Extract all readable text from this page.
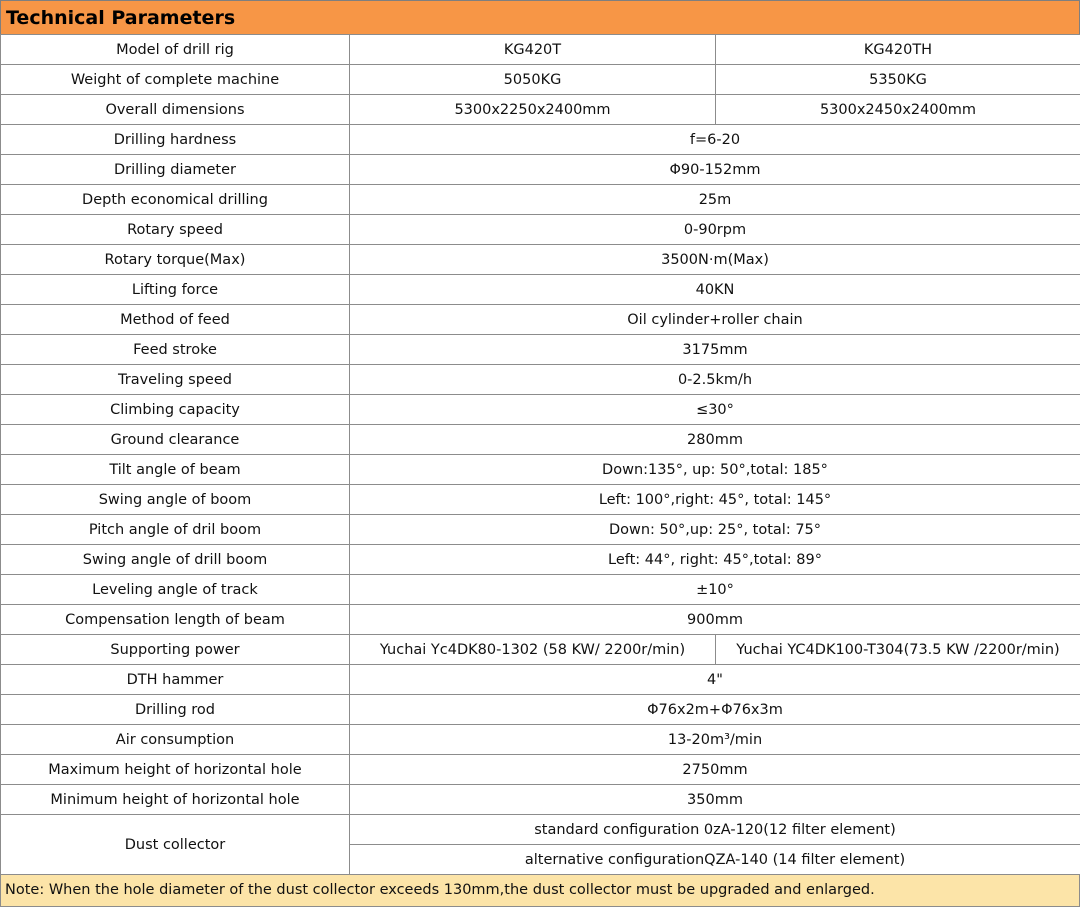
Technical Parameters
Model of drill rig	KG420T	KG420TH
Weight of complete machine	5050KG	5350KG
Overall dimensions	5300x2250x2400mm	5300x2450x2400mm
Drilling hardness	f=6-20	
Drilling diameter	Φ90-152mm	
Depth economical drilling	25m	
Rotary speed	0-90rpm	
Rotary torque(Max)	3500N·m(Max)	
Lifting force	40KN	
Method of feed	Oil cylinder+roller chain	
Feed stroke	3175mm	
Traveling speed	0-2.5km/h	
Climbing capacity	≤30°	
Ground clearance	280mm	
Tilt angle of beam	Down:135°, up: 50°,total: 185°	
Swing angle of boom	Left: 100°,right: 45°, total: 145°	
Pitch angle of dril boom	Down: 50°,up: 25°, total: 75°	
Swing angle of drill boom	Left: 44°, right: 45°,total: 89°	
Leveling angle of track	±10°	
Compensation length of beam	900mm	
Supporting power	Yuchai Yc4DK80-1302 (58 KW/ 2200r/min)	Yuchai YC4DK100-T304(73.5 KW /2200r/min)
DTH hammer	4"	
Drilling rod	Φ76x2m+Φ76x3m	
Air consumption	13-20m³/min	
Maximum height of horizontal hole	2750mm	
Minimum height of horizontal hole	350mm	
Dust collector	standard configuration 0zA-120(12 filter element)	
	alternative configurationQZA-140 (14 filter element)	
Note: When the hole diameter of the dust collector exceeds 130mm,the dust collector must be upgraded and enlarged.
